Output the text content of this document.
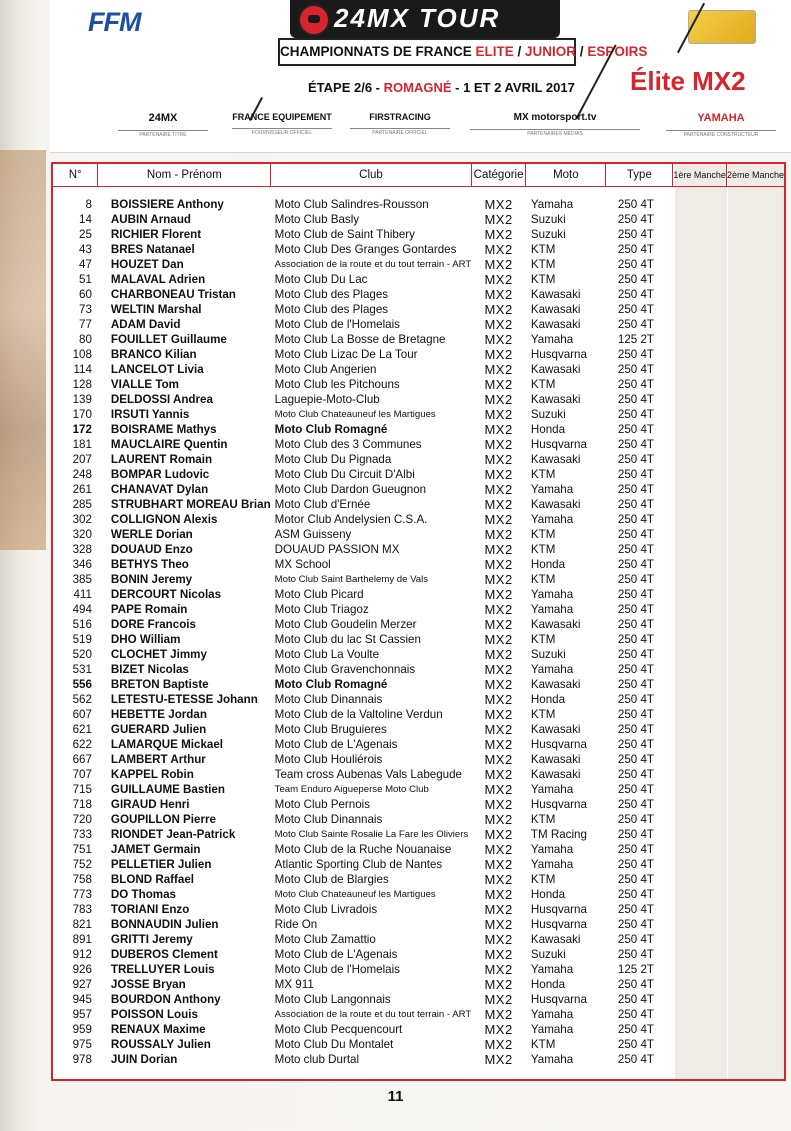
FFM	24MX TOUR
CHAMPIONNATS DE FRANCE ELITE / JUNIOR / ESPOIRS
ÉTAPE 2/6 - ROMAGNÉ - 1 ET 2 AVRIL 2017 Élite MX2
24MX
PARTENAIRE TITRE
FRANCE EQUIPEMENT
FOURNISSEUR OFFICIEL
FIRSTRACING
PARTENAIRE OFFICIEL
MX motorsport.tv
PARTENAIRES MÉDIAS
YAMAHA
PARTENAIRE CONSTRUCTEUR
N°	Nom - Prénom	Club	Catégorie	Moto	Type	1ère Manche	2ème Manche
8	BOISSIERE Anthony	Moto Club Salindres-Rousson	MX2	Yamaha	250 4T		
14	AUBIN Arnaud	Moto Club Basly	MX2	Suzuki	250 4T		
25	RICHIER Florent	Moto Club de Saint Thibery	MX2	Suzuki	250 4T		
43	BRES Natanael	Moto Club Des Granges Gontardes	MX2	KTM	250 4T		
47	HOUZET Dan	Association de la route et du tout terrain - ART	MX2	KTM	250 4T		
51	MALAVAL Adrien	Moto Club Du Lac	MX2	KTM	250 4T		
60	CHARBONEAU Tristan	Moto Club des Plages	MX2	Kawasaki	250 4T		
73	WELTIN Marshal	Moto Club des Plages	MX2	Kawasaki	250 4T		
77	ADAM David	Moto Club de l'Homelais	MX2	Kawasaki	250 4T		
80	FOUILLET Guillaume	Moto Club La Bosse de Bretagne	MX2	Yamaha	125 2T		
108	BRANCO Kilian	Moto Club Lizac De La Tour	MX2	Husqvarna	250 4T		
114	LANCELOT Livia	Moto Club Angerien	MX2	Kawasaki	250 4T		
128	VIALLE Tom	Moto Club les Pitchouns	MX2	KTM	250 4T		
139	DELDOSSI Andrea	Laguepie-Moto-Club	MX2	Kawasaki	250 4T		
170	IRSUTI Yannis	Moto Club Chateauneuf les Martigues	MX2	Suzuki	250 4T		
172	BOISRAME Mathys	Moto Club Romagné	MX2	Honda	250 4T		
181	MAUCLAIRE Quentin	Moto Club des 3 Communes	MX2	Husqvarna	250 4T		
207	LAURENT Romain	Moto Club Du Pignada	MX2	Kawasaki	250 4T		
248	BOMPAR Ludovic	Moto Club Du Circuit D'Albi	MX2	KTM	250 4T		
261	CHANAVAT Dylan	Moto Club Dardon Gueugnon	MX2	Yamaha	250 4T		
285	STRUBHART MOREAU Brian	Moto Club d'Ernée	MX2	Kawasaki	250 4T		
302	COLLIGNON Alexis	Motor Club Andelysien C.S.A.	MX2	Yamaha	250 4T		
320	WERLE Dorian	ASM Guisseny	MX2	KTM	250 4T		
328	DOUAUD Enzo	DOUAUD PASSION MX	MX2	KTM	250 4T		
346	BETHYS Theo	MX School	MX2	Honda	250 4T		
385	BONIN Jeremy	Moto Club Saint Barthelemy de Vals	MX2	KTM	250 4T		
411	DERCOURT Nicolas	Moto Club Picard	MX2	Yamaha	250 4T		
494	PAPE Romain	Moto Club Triagoz	MX2	Yamaha	250 4T		
516	DORE Francois	Moto Club Goudelin Merzer	MX2	Kawasaki	250 4T		
519	DHO William	Moto Club du lac St Cassien	MX2	KTM	250 4T		
520	CLOCHET Jimmy	Moto Club La Voulte	MX2	Suzuki	250 4T		
531	BIZET Nicolas	Moto Club Gravenchonnais	MX2	Yamaha	250 4T		
556	BRETON Baptiste	Moto Club Romagné	MX2	Kawasaki	250 4T		
562	LETESTU-ETESSE Johann	Moto Club Dinannais	MX2	Honda	250 4T		
607	HEBETTE Jordan	Moto Club de la Valtoline Verdun	MX2	KTM	250 4T		
621	GUERARD Julien	Moto Club Bruguieres	MX2	Kawasaki	250 4T		
622	LAMARQUE Mickael	Moto Club de L'Agenais	MX2	Husqvarna	250 4T		
667	LAMBERT Arthur	Moto Club Houliérois	MX2	Kawasaki	250 4T		
707	KAPPEL Robin	Team cross Aubenas Vals Labegude	MX2	Kawasaki	250 4T		
715	GUILLAUME Bastien	Team Enduro Aigueperse Moto Club	MX2	Yamaha	250 4T		
718	GIRAUD Henri	Moto Club Pernois	MX2	Husqvarna	250 4T		
720	GOUPILLON Pierre	Moto Club Dinannais	MX2	KTM	250 4T		
733	RIONDET Jean-Patrick	Moto Club Sainte Rosalie La Fare les Oliviers	MX2	TM Racing	250 4T		
751	JAMET Germain	Moto Club de la Ruche Nouanaise	MX2	Yamaha	250 4T		
752	PELLETIER Julien	Atlantic Sporting Club de Nantes	MX2	Yamaha	250 4T		
758	BLOND Raffael	Moto Club de Blargies	MX2	KTM	250 4T		
773	DO Thomas	Moto Club Chateauneuf les Martigues	MX2	Honda	250 4T		
783	TORIANI Enzo	Moto Club Livradois	MX2	Husqvarna	250 4T		
821	BONNAUDIN Julien	Ride On	MX2	Husqvarna	250 4T		
891	GRITTI Jeremy	Moto Club Zamattio	MX2	Kawasaki	250 4T		
912	DUBEROS Clement	Moto Club de L'Agenais	MX2	Suzuki	250 4T		
926	TRELLUYER Louis	Moto Club de l'Homelais	MX2	Yamaha	125 2T		
927	JOSSE Bryan	MX 911	MX2	Honda	250 4T		
945	BOURDON Anthony	Moto Club Langonnais	MX2	Husqvarna	250 4T		
957	POISSON Louis	Association de la route et du tout terrain - ART	MX2	Yamaha	250 4T		
959	RENAUX Maxime	Moto Club Pecquencourt	MX2	Yamaha	250 4T		
975	ROUSSALY Julien	Moto Club Du Montalet	MX2	KTM	250 4T		
978	JUIN Dorian	Moto club Durtal	MX2	Yamaha	250 4T		
11
